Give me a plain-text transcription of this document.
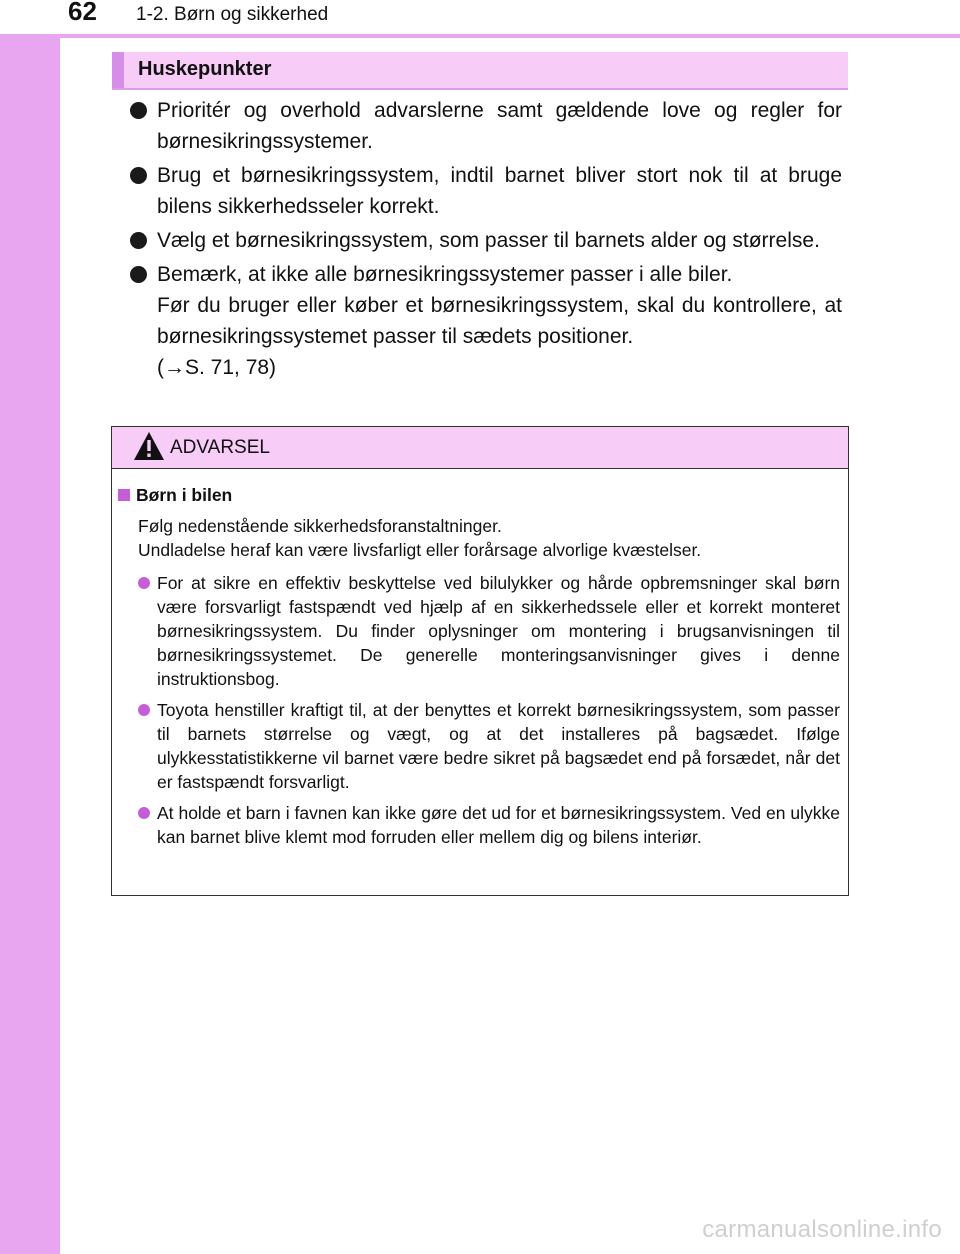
62 1-2. Børn og sikkerhed
Huskepunkter

Prioritér og overhold advarslerne samt gældende love og regler for børnesikringssystemer.

Brug et børnesikringssystem, indtil barnet bliver stort nok til at bruge bilens sikkerhedsseler korrekt.

Vælg et børnesikringssystem, som passer til barnets alder og størrelse.

Bemærk, at ikke alle børnesikringssystemer passer i alle biler.

Før du bruger eller køber et børnesikringssystem, skal du kontrollere, at børnesikringssystemet passer til sædets positioner.

(→S. 71, 78)

ADVARSEL
Børn i bilen

Følg nedenstående sikkerhedsforanstaltninger.

Undladelse heraf kan være livsfarligt eller forårsage alvorlige kvæstelser.

For at sikre en effektiv beskyttelse ved bilulykker og hårde opbremsninger skal børn være forsvarligt fastspændt ved hjælp af en sikkerhedssele eller et korrekt monteret børnesikringssystem. Du finder oplysninger om montering i brugsanvisningen til børnesikringssystemet. De generelle monteringsanvisninger gives i denne instruktionsbog.

Toyota henstiller kraftigt til, at der benyttes et korrekt børnesikringssystem, som passer til barnets størrelse og vægt, og at det installeres på bagsædet. Ifølge ulykkesstatistikkerne vil barnet være bedre sikret på bagsædet end på forsædet, når det er fastspændt forsvarligt.

At holde et barn i favnen kan ikke gøre det ud for et børnesikringssystem. Ved en ulykke kan barnet blive klemt mod forruden eller mellem dig og bilens interiør.

carmanualsonline.info
